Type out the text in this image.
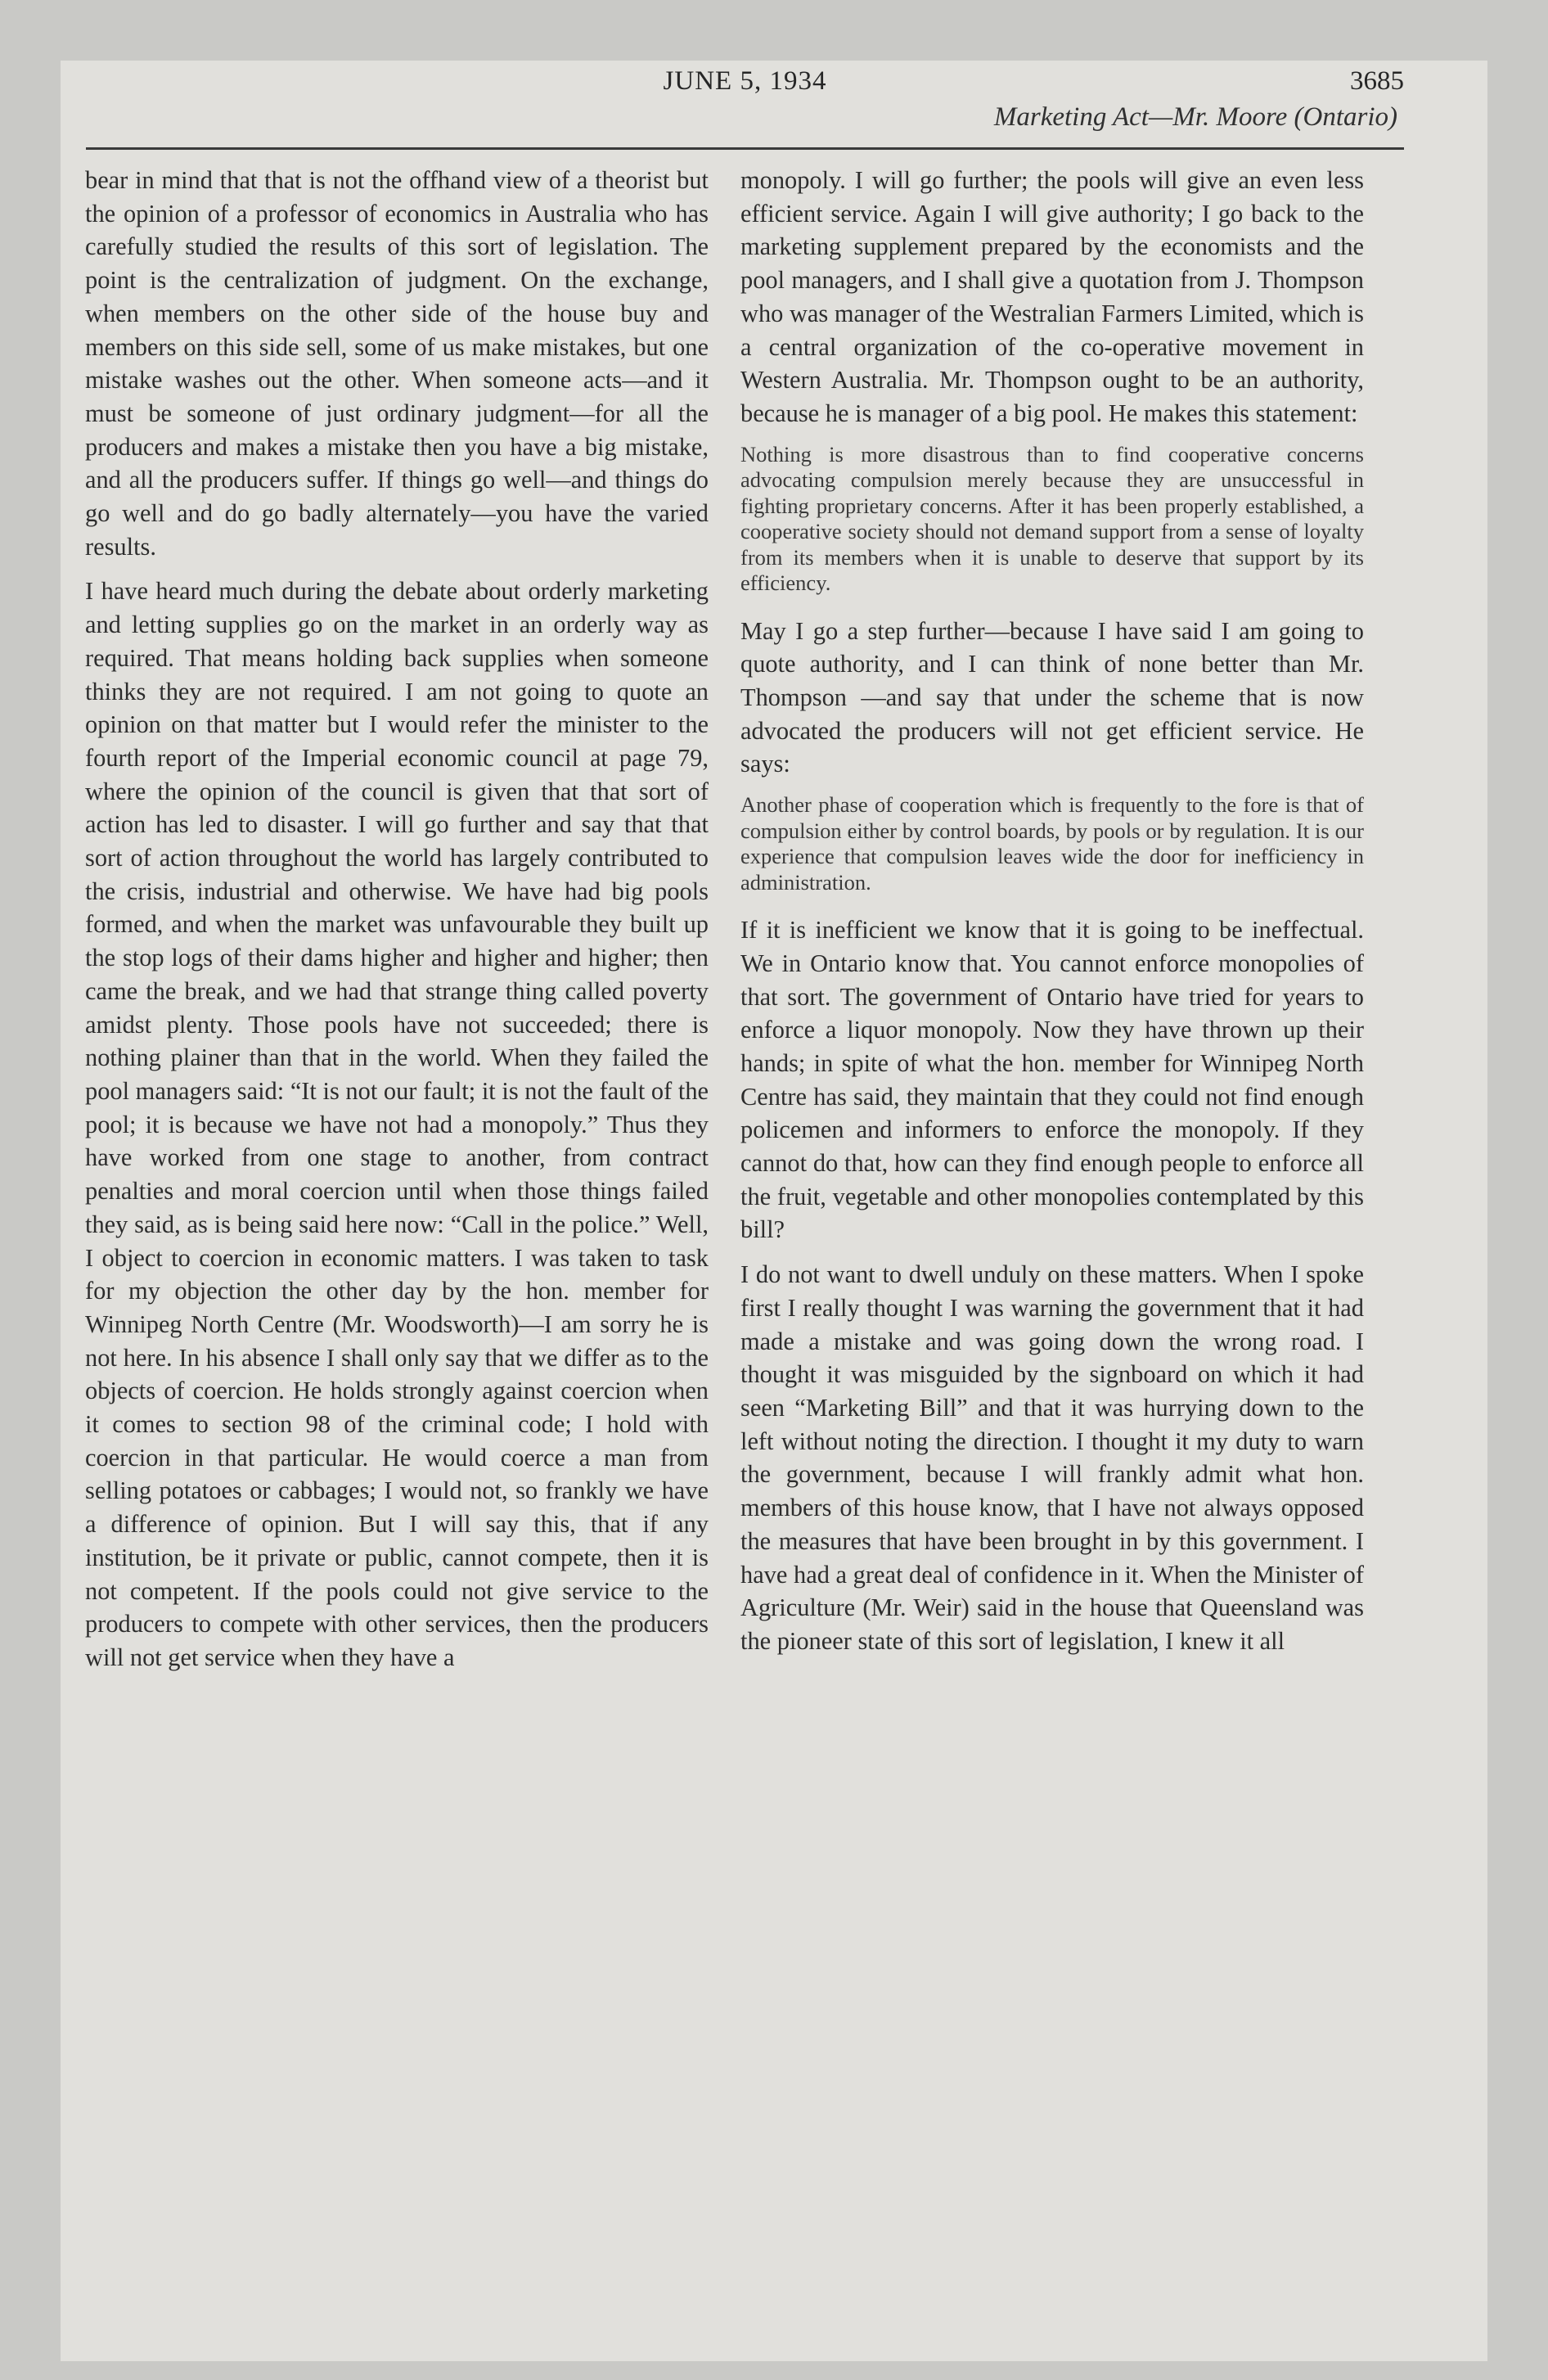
JUNE 5, 1934	3685
Marketing Act—Mr. Moore (Ontario)

bear in mind that that is not the offhand view of a theorist but the opinion of a professor of economics in Australia who has carefully studied the results of this sort of legislation. The point is the centralization of judgment. On the exchange, when members on the other side of the house buy and members on this side sell, some of us make mistakes, but one mistake washes out the other. When someone acts—and it must be someone of just ordinary judgment—for all the producers and makes a mistake then you have a big mistake, and all the producers suffer. If things go well—and things do go well and do go badly alternately—you have the varied results.

I have heard much during the debate about orderly marketing and letting supplies go on the market in an orderly way as required. That means holding back supplies when someone thinks they are not required. I am not going to quote an opinion on that matter but I would refer the minister to the fourth report of the Imperial economic council at page 79, where the opinion of the council is given that that sort of action has led to disaster. I will go further and say that that sort of action throughout the world has largely contributed to the crisis, industrial and otherwise. We have had big pools formed, and when the market was unfavourable they built up the stop logs of their dams higher and higher and higher; then came the break, and we had that strange thing called poverty amidst plenty. Those pools have not succeeded; there is nothing plainer than that in the world. When they failed the pool managers said: “It is not our fault; it is not the fault of the pool; it is because we have not had a monopoly.” Thus they have worked from one stage to another, from contract penalties and moral coercion until when those things failed they said, as is being said here now: “Call in the police.” Well, I object to coercion in economic matters. I was taken to task for my objection the other day by the hon. member for Winnipeg North Centre (Mr. Woodsworth)—I am sorry he is not here. In his absence I shall only say that we differ as to the objects of coercion. He holds strongly against coercion when it comes to section 98 of the criminal code; I hold with coercion in that particular. He would coerce a man from selling potatoes or cabbages; I would not, so frankly we have a difference of opinion. But I will say this, that if any institution, be it private or public, cannot compete, then it is not competent. If the pools could not give service to the producers to compete with other services, then the producers will not get service when they have a

monopoly. I will go further; the pools will give an even less efficient service. Again I will give authority; I go back to the marketing supplement prepared by the economists and the pool managers, and I shall give a quotation from J. Thompson who was manager of the Westralian Farmers Limited, which is a central organization of the co-operative movement in Western Australia. Mr. Thompson ought to be an authority, because he is manager of a big pool. He makes this statement:

Nothing is more disastrous than to find cooperative concerns advocating compulsion merely because they are unsuccessful in fighting proprietary concerns. After it has been properly established, a cooperative society should not demand support from a sense of loyalty from its members when it is unable to deserve that support by its efficiency.

May I go a step further—because I have said I am going to quote authority, and I can think of none better than Mr. Thompson —and say that under the scheme that is now advocated the producers will not get efficient service. He says:

Another phase of cooperation which is frequently to the fore is that of compulsion either by control boards, by pools or by regulation. It is our experience that compulsion leaves wide the door for inefficiency in administration.

If it is inefficient we know that it is going to be ineffectual. We in Ontario know that. You cannot enforce monopolies of that sort. The government of Ontario have tried for years to enforce a liquor monopoly. Now they have thrown up their hands; in spite of what the hon. member for Winnipeg North Centre has said, they maintain that they could not find enough policemen and informers to enforce the monopoly. If they cannot do that, how can they find enough people to enforce all the fruit, vegetable and other monopolies contemplated by this bill?

I do not want to dwell unduly on these matters. When I spoke first I really thought I was warning the government that it had made a mistake and was going down the wrong road. I thought it was misguided by the signboard on which it had seen “Marketing Bill” and that it was hurrying down to the left without noting the direction. I thought it my duty to warn the government, because I will frankly admit what hon. members of this house know, that I have not always opposed the measures that have been brought in by this government. I have had a great deal of confidence in it. When the Minister of Agriculture (Mr. Weir) said in the house that Queensland was the pioneer state of this sort of legislation, I knew it all
